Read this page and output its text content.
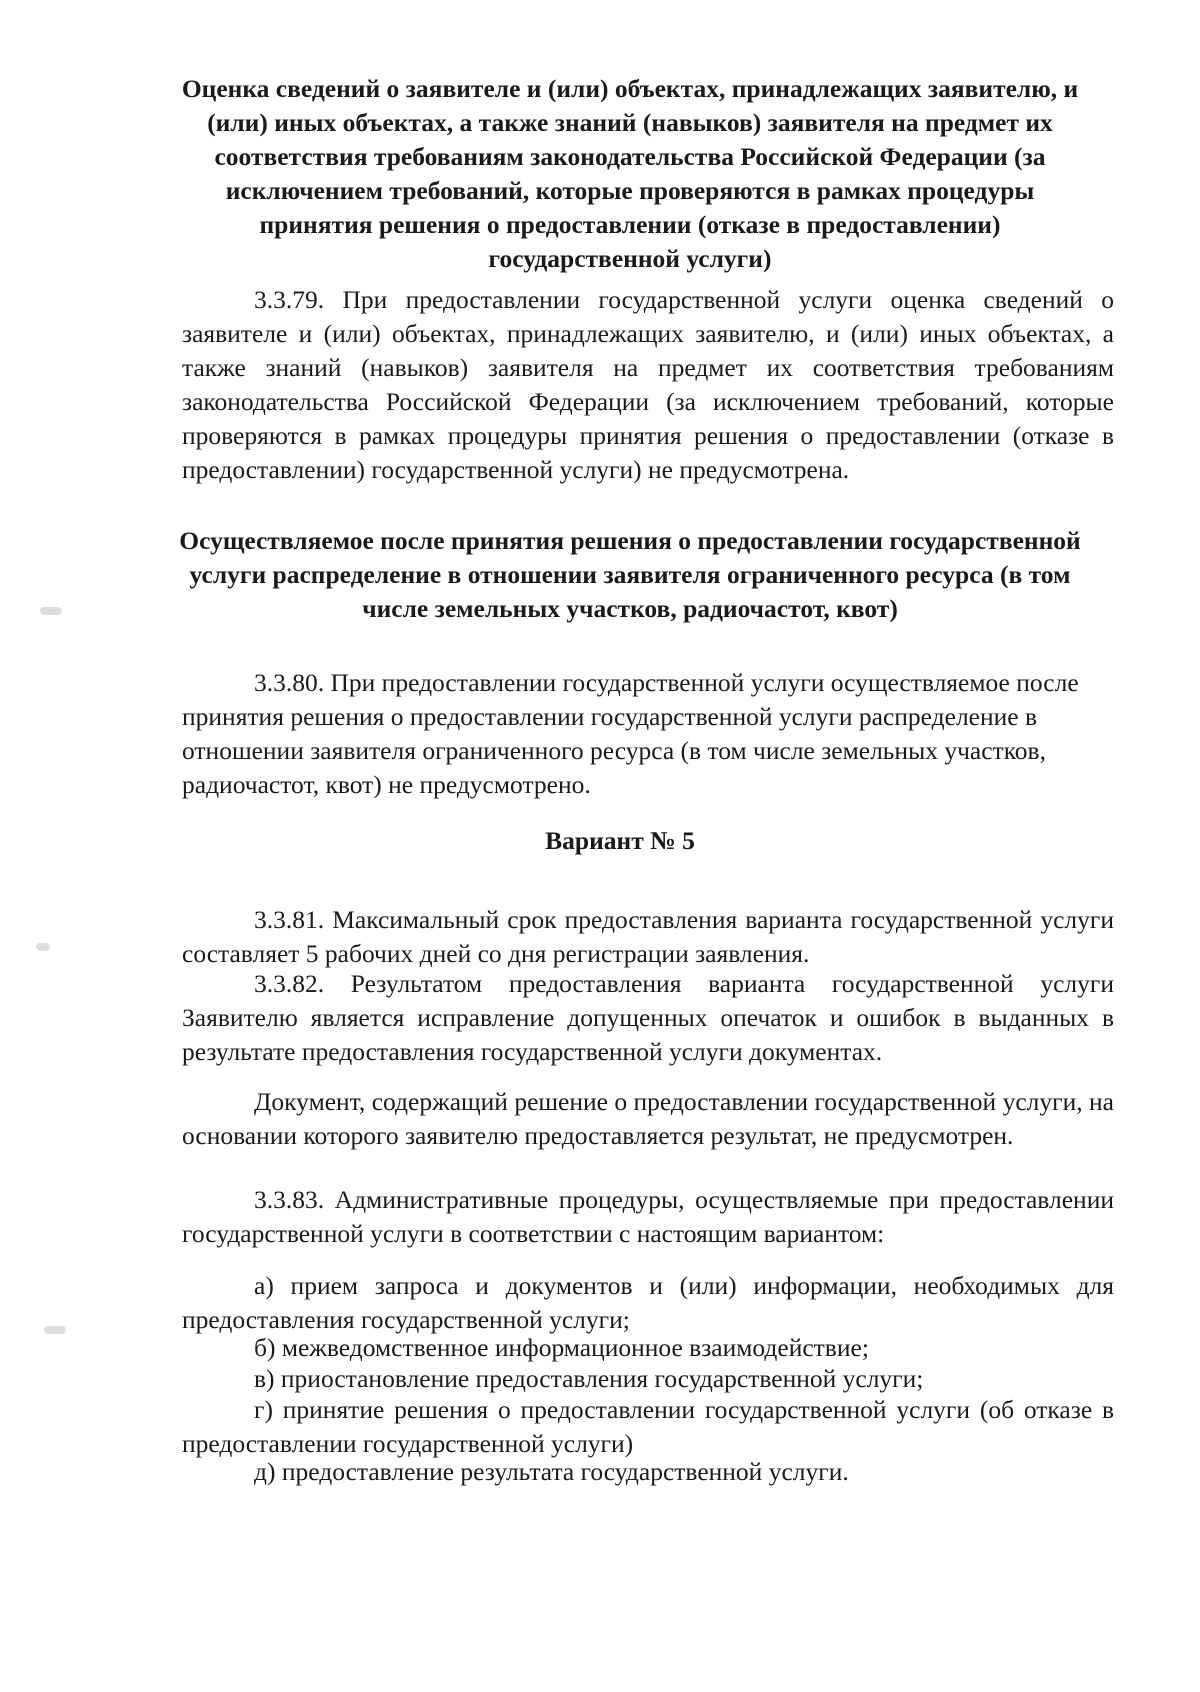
Оценка сведений о заявителе и (или) объектах, принадлежащих заявителю, и (или) иных объектах, а также знаний (навыков) заявителя на предмет их соответствия требованиям законодательства Российской Федерации (за исключением требований, которые проверяются в рамках процедуры принятия решения о предоставлении (отказе в предоставлении) государственной услуги)

3.3.79. При предоставлении государственной услуги оценка сведений о заявителе и (или) объектах, принадлежащих заявителю, и (или) иных объектах, а также знаний (навыков) заявителя на предмет их соответствия требованиям законодательства Российской Федерации (за исключением требований, которые проверяются в рамках процедуры принятия решения о предоставлении (отказе в предоставлении) государственной услуги) не предусмотрена.

Осуществляемое после принятия решения о предоставлении государственной услуги распределение в отношении заявителя ограниченного ресурса (в том числе земельных участков, радиочастот, квот)

3.3.80. При предоставлении государственной услуги осуществляемое после принятия решения о предоставлении государственной услуги распределение в отношении заявителя ограниченного ресурса (в том числе земельных участков, радиочастот, квот) не предусмотрено.

Вариант № 5

3.3.81. Максимальный срок предоставления варианта государственной услуги составляет 5 рабочих дней со дня регистрации заявления.

3.3.82. Результатом предоставления варианта государственной услуги Заявителю является исправление допущенных опечаток и ошибок в выданных в результате предоставления государственной услуги документах.

Документ, содержащий решение о предоставлении государственной услуги, на основании которого заявителю предоставляется результат, не предусмотрен.

3.3.83. Административные процедуры, осуществляемые при предоставлении государственной услуги в соответствии с настоящим вариантом:

а) прием запроса и документов и (или) информации, необходимых для предоставления государственной услуги;

б) межведомственное информационное взаимодействие;

в) приостановление предоставления государственной услуги;

г) принятие решения о предоставлении государственной услуги (об отказе в предоставлении государственной услуги)

д) предоставление результата государственной услуги.
